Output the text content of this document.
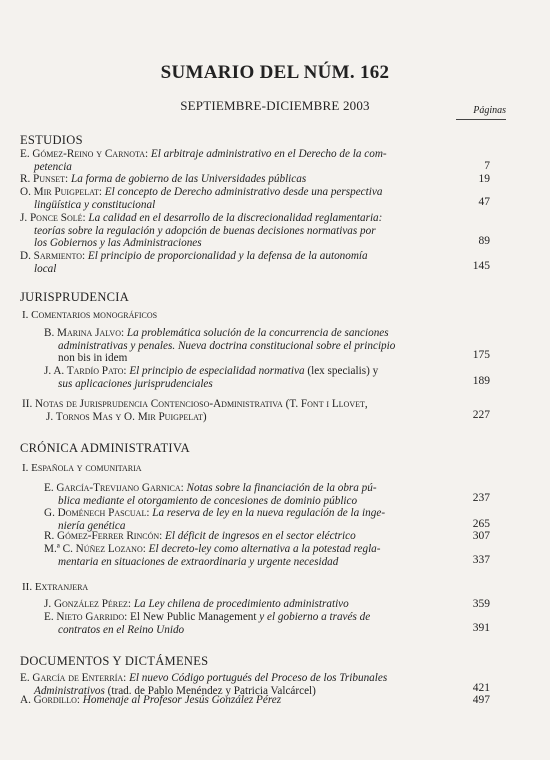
SUMARIO DEL NÚM. 162
SEPTIEMBRE-DICIEMBRE 2003	Páginas
ESTUDIOS
E. Gómez-Reino y Carnota: El arbitraje administrativo en el Derecho de la com-
petencia	7
R. Punset: La forma de gobierno de las Universidades públicas	19
O. Mir Puigpelat: El concepto de Derecho administrativo desde una perspectiva
lingüística y constitucional	47
J. Ponce Solé: La calidad en el desarrollo de la discrecionalidad reglamentaria:
teorías sobre la regulación y adopción de buenas decisiones normativas por
los Gobiernos y las Administraciones	89
D. Sarmiento: El principio de proporcionalidad y la defensa de la autonomía
local	145
JURISPRUDENCIA
I. Comentarios monográficos
B. Marina Jalvo: La problemática solución de la concurrencia de sanciones
administrativas y penales. Nueva doctrina constitucional sobre el principio
non bis in idem	175
J. A. Tardío Pato: El principio de especialidad normativa (lex specialis) y
sus aplicaciones jurisprudenciales	189
II. Notas de Jurisprudencia Contencioso-Administrativa (T. Font i Llovet,
J. Tornos Mas y O. Mir Puigpelat)	227
CRÓNICA ADMINISTRATIVA
I. Española y comunitaria
E. García-Trevijano Garnica: Notas sobre la financiación de la obra pú-
blica mediante el otorgamiento de concesiones de dominio público	237
G. Doménech Pascual: La reserva de ley en la nueva regulación de la inge-
niería genética	265
R. Gómez-Ferrer Rincón: El déficit de ingresos en el sector eléctrico	307
M.ª C. Núñez Lozano: El decreto-ley como alternativa a la potestad regla-
mentaria en situaciones de extraordinaria y urgente necesidad	337
II. Extranjera
J. González Pérez: La Ley chilena de procedimiento administrativo	359
E. Nieto Garrido: El New Public Management y el gobierno a través de
contratos en el Reino Unido	391
DOCUMENTOS Y DICTÁMENES
E. García de Enterría: El nuevo Código portugués del Proceso de los Tribunales
Administrativos (trad. de Pablo Menéndez y Patricia Valcárcel)	421
A. Gordillo: Homenaje al Profesor Jesús González Pérez	497
